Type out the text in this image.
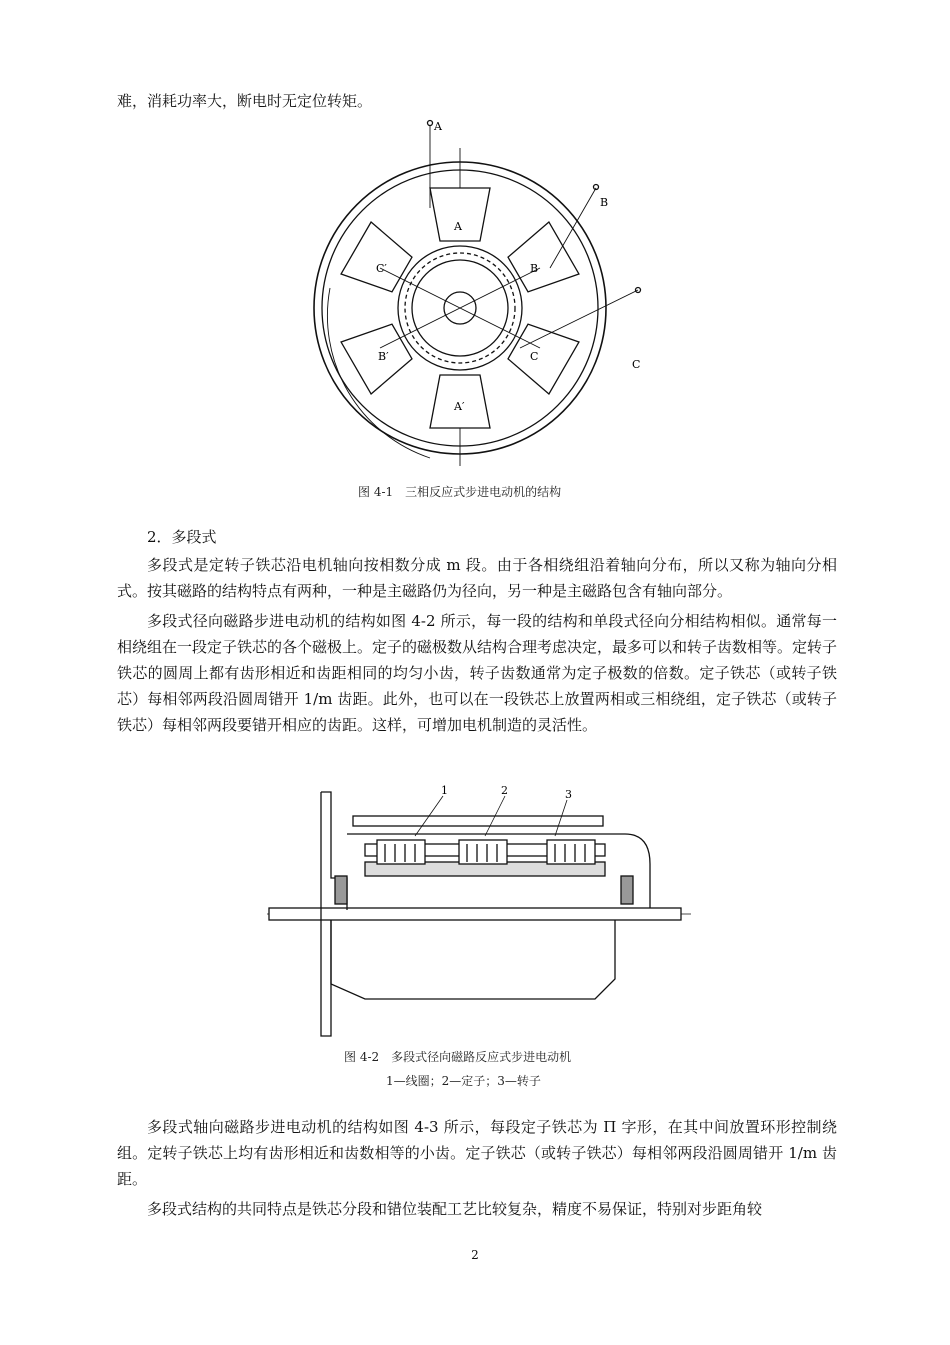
难，消耗功率大，断电时无定位转矩。

A
B
C
A
B
C
A′
B′
C′
图 4-1　三相反应式步进电动机的结构

2．多段式

多段式是定转子铁芯沿电机轴向按相数分成 m 段。由于各相绕组沿着轴向分布，所以又称为轴向分相式。按其磁路的结构特点有两种，一种是主磁路仍为径向，另一种是主磁路包含有轴向部分。

多段式径向磁路步进电动机的结构如图 4-2 所示，每一段的结构和单段式径向分相结构相似。通常每一相绕组在一段定子铁芯的各个磁极上。定子的磁极数从结构合理考虑决定，最多可以和转子齿数相等。定转子铁芯的圆周上都有齿形相近和齿距相同的均匀小齿，转子齿数通常为定子极数的倍数。定子铁芯（或转子铁芯）每相邻两段沿圆周错开 1/m 齿距。此外，也可以在一段铁芯上放置两相或三相绕组，定子铁芯（或转子铁芯）每相邻两段要错开相应的齿距。这样，可增加电机制造的灵活性。

1	2	3
图 4-2　多段式径向磁路反应式步进电动机
1—线圈；2—定子；3—转子

多段式轴向磁路步进电动机的结构如图 4-3 所示，每段定子铁芯为 Π 字形，在其中间放置环形控制绕组。定转子铁芯上均有齿形相近和齿数相等的小齿。定子铁芯（或转子铁芯）每相邻两段沿圆周错开 1/m 齿距。

多段式结构的共同特点是铁芯分段和错位装配工艺比较复杂，精度不易保证，特别对步距角较

2
